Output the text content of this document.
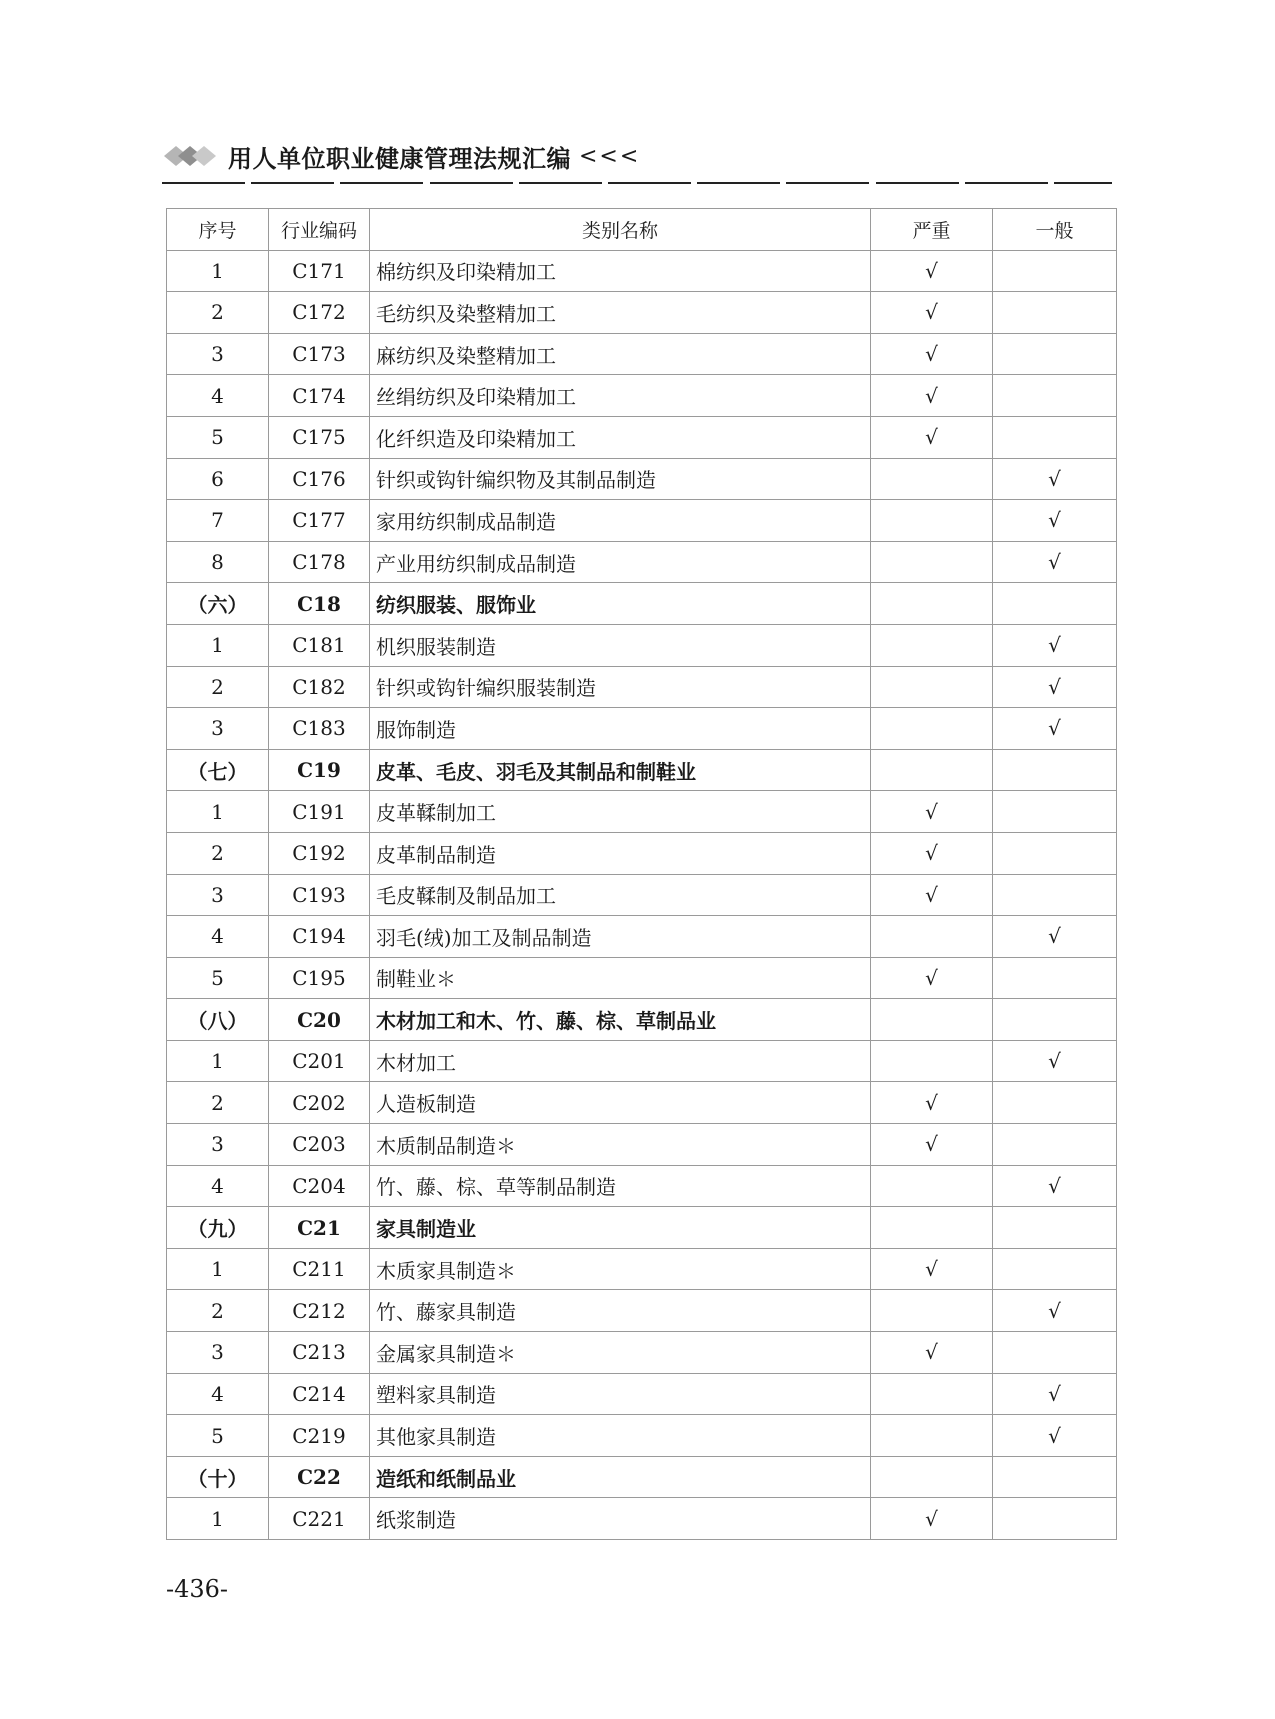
用人单位职业健康管理法规汇编 <<<
序号	行业编码	类别名称	严重	一般
1	C171	棉纺织及印染精加工	√	
2	C172	毛纺织及染整精加工	√	
3	C173	麻纺织及染整精加工	√	
4	C174	丝绢纺织及印染精加工	√	
5	C175	化纤织造及印染精加工	√	
6	C176	针织或钩针编织物及其制品制造		√
7	C177	家用纺织制成品制造		√
8	C178	产业用纺织制成品制造		√
（六）	C18	纺织服装、服饰业		
1	C181	机织服装制造		√
2	C182	针织或钩针编织服装制造		√
3	C183	服饰制造		√
（七）	C19	皮革、毛皮、羽毛及其制品和制鞋业		
1	C191	皮革鞣制加工	√	
2	C192	皮革制品制造	√	
3	C193	毛皮鞣制及制品加工	√	
4	C194	羽毛(绒)加工及制品制造		√
5	C195	制鞋业＊	√	
（八）	C20	木材加工和木、竹、藤、棕、草制品业		
1	C201	木材加工		√
2	C202	人造板制造	√	
3	C203	木质制品制造＊	√	
4	C204	竹、藤、棕、草等制品制造		√
（九）	C21	家具制造业		
1	C211	木质家具制造＊	√	
2	C212	竹、藤家具制造		√
3	C213	金属家具制造＊	√	
4	C214	塑料家具制造		√
5	C219	其他家具制造		√
（十）	C22	造纸和纸制品业		
1	C221	纸浆制造	√	
-436-
